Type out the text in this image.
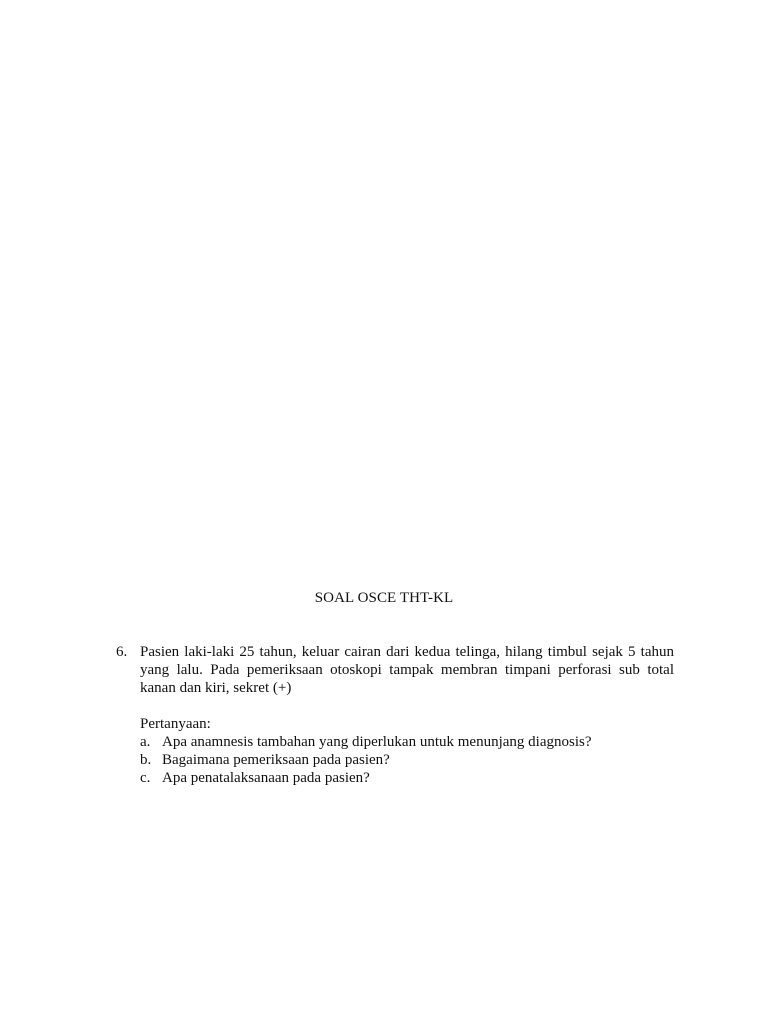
SOAL OSCE THT-KL
6. Pasien laki-laki 25 tahun, keluar cairan dari kedua telinga, hilang timbul sejak 5 tahun yang lalu. Pada pemeriksaan otoskopi tampak membran timpani perforasi sub total kanan dan kiri, sekret (+)
Pertanyaan:
a. Apa anamnesis tambahan yang diperlukan untuk menunjang diagnosis?
b. Bagaimana pemeriksaan pada pasien?
c. Apa penatalaksanaan pada pasien?
